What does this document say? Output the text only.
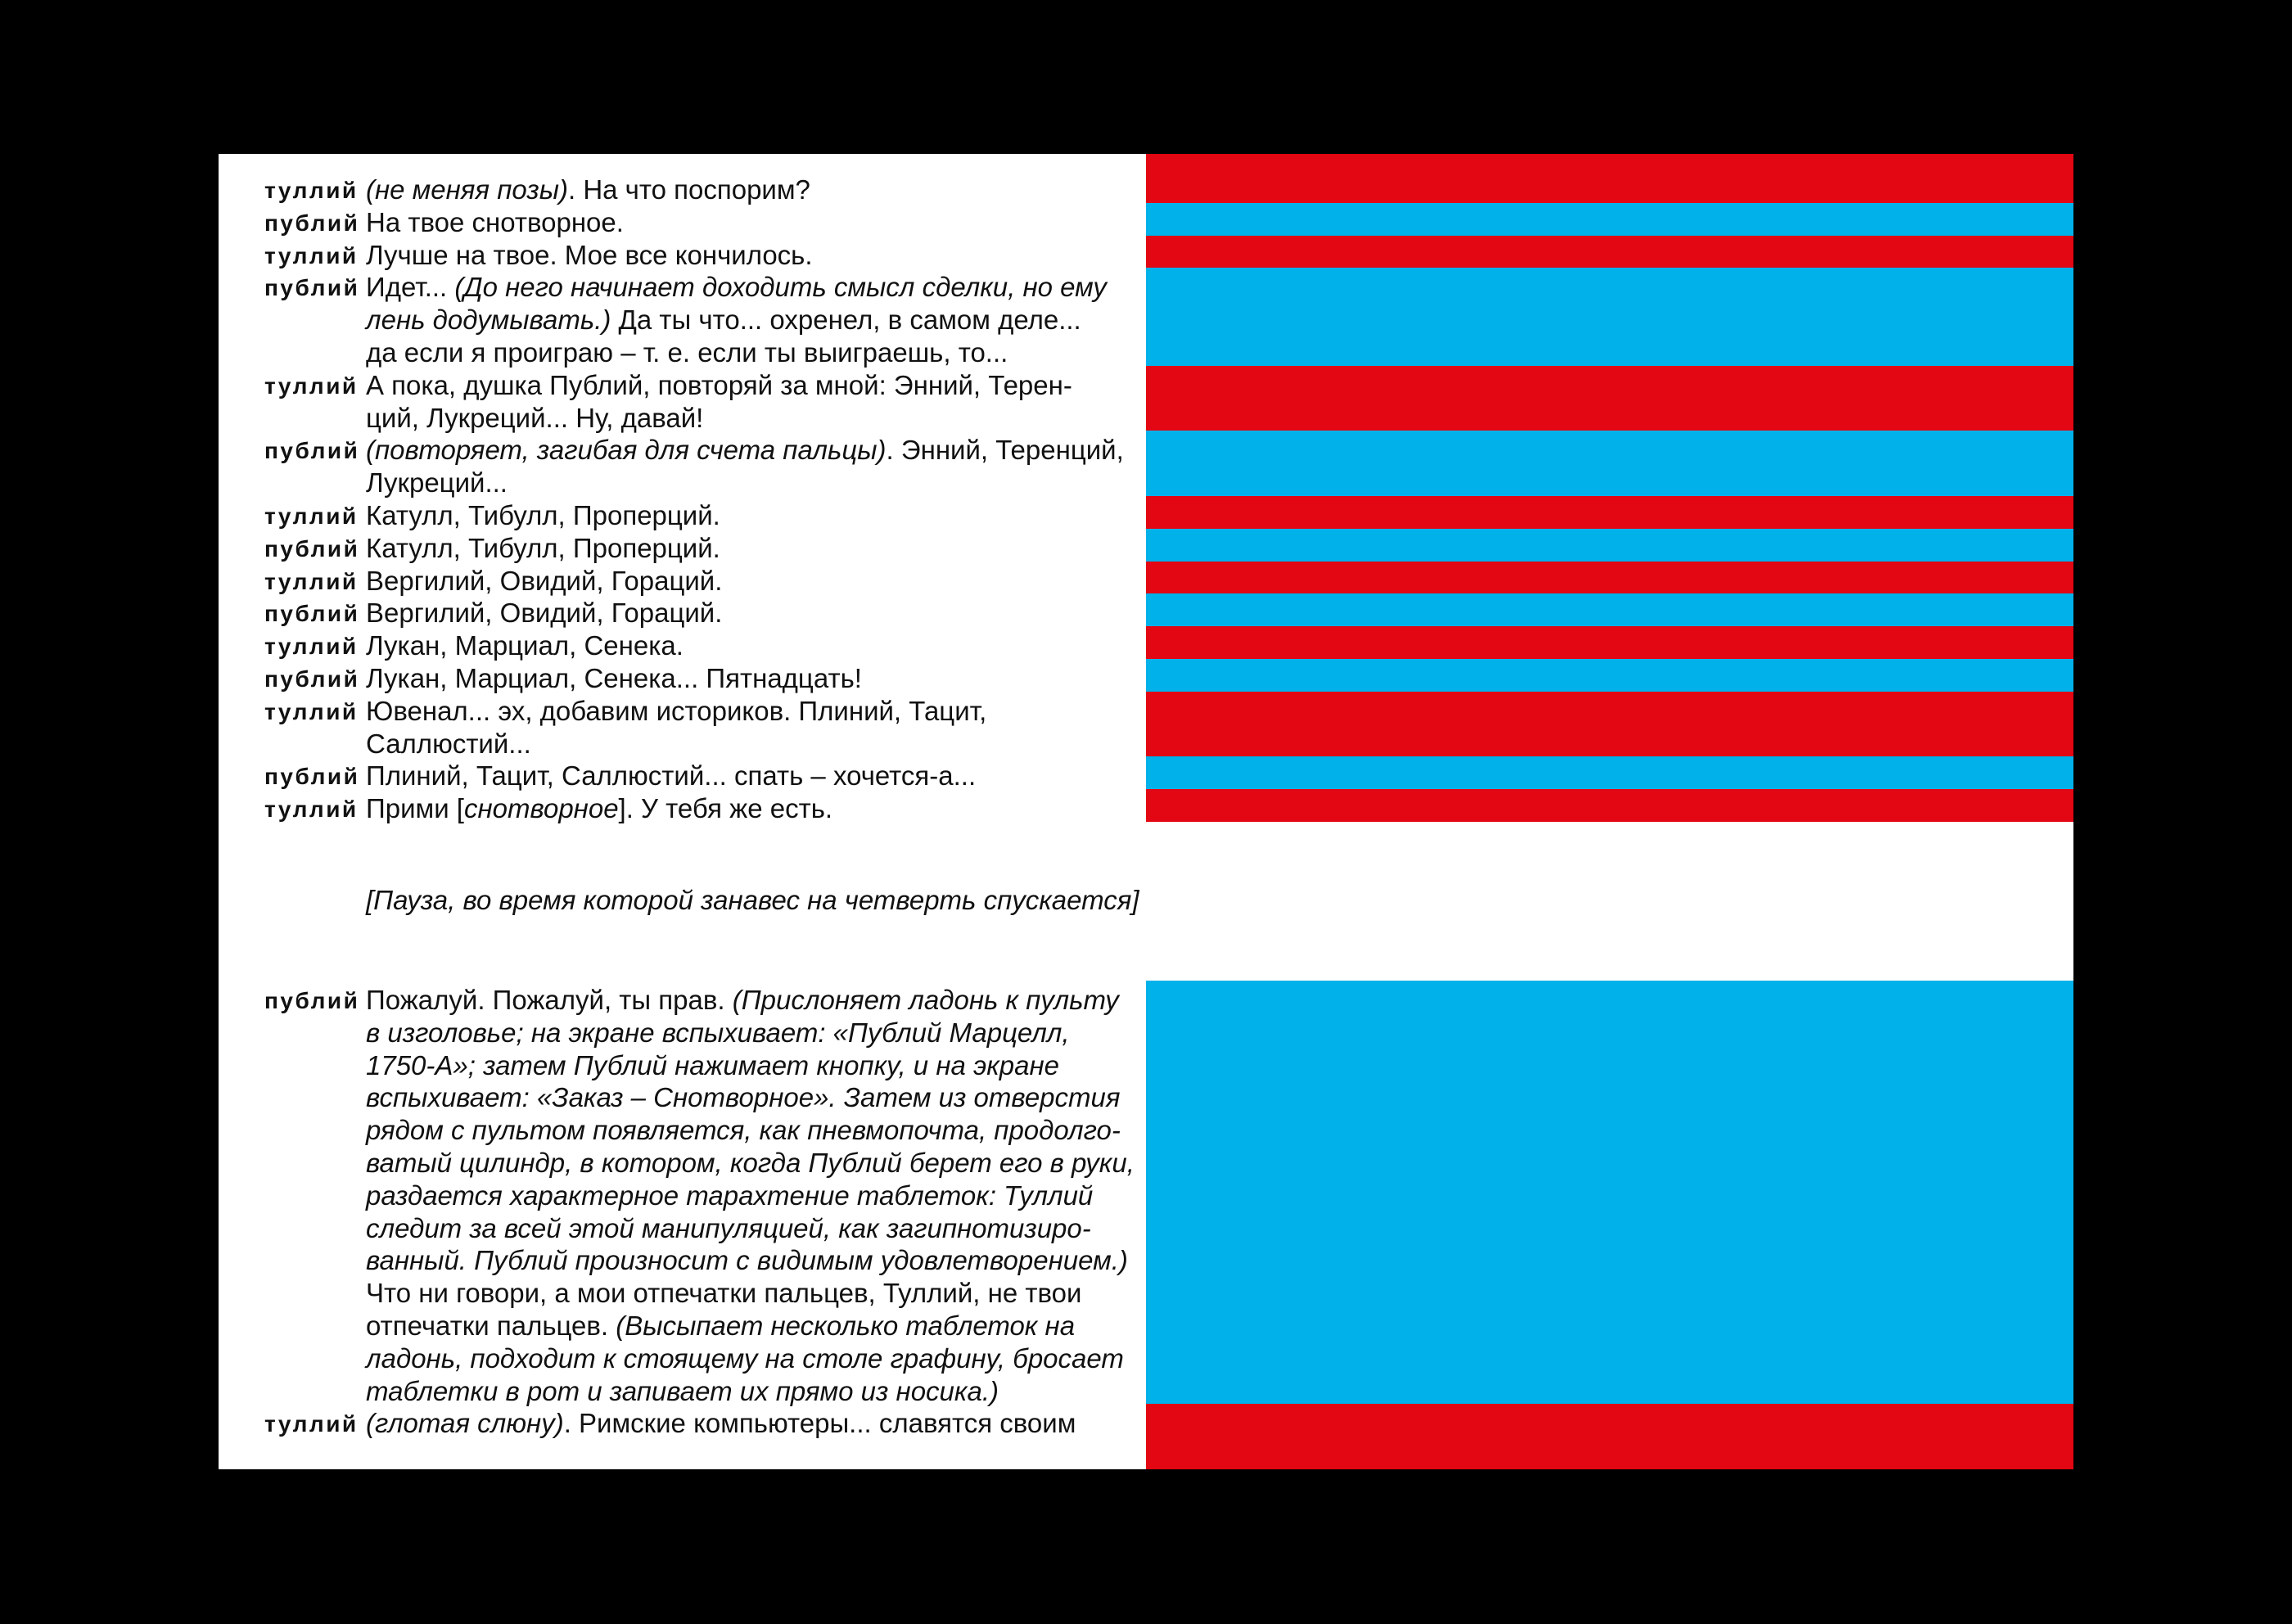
туллий (не меняя позы). На что поспорим?
публий На твое снотворное.
туллий Лучше на твое. Мое все кончилось.
публий Идет... (До него начинает доходить смысл сделки, но ему
лень додумывать.) Да ты что... охренел, в самом деле...
да если я проиграю – т. е. если ты выиграешь, то...
туллий А пока, душка Публий, повторяй за мной: Энний, Терен-
ций, Лукреций... Ну, давай!
публий (повторяет, загибая для счета пальцы). Энний, Теренций,
Лукреций...
туллий Катулл, Тибулл, Проперций.
публий Катулл, Тибулл, Проперций.
туллий Вергилий, Овидий, Гораций.
публий Вергилий, Овидий, Гораций.
туллий Лукан, Марциал, Сенека.
публий Лукан, Марциал, Сенека... Пятнадцать!
туллий Ювенал... эх, добавим историков. Плиний, Тацит,
Саллюстий...
публий Плиний, Тацит, Саллюстий... спать – хочется-а...
туллий Прими [снотворное]. У тебя же есть.
[Пауза, во время которой занавес на четверть спускается]
публий Пожалуй. Пожалуй, ты прав. (Прислоняет ладонь к пульту
в изголовье; на экране вспыхивает: «Публий Марцелл,
1750-А»; затем Публий нажимает кнопку, и на экране
вспыхивает: «Заказ – Снотворное». Затем из отверстия
рядом с пультом появляется, как пневмопочта, продолго-
ватый цилиндр, в котором, когда Публий берет его в руки,
раздается характерное тарахтение таблеток: Туллий
следит за всей этой манипуляцией, как загипнотизиро-
ванный. Публий произносит с видимым удовлетворением.)
Что ни говори, а мои отпечатки пальцев, Туллий, не твои
отпечатки пальцев. (Высыпает несколько таблеток на
ладонь, подходит к стоящему на столе графину, бросает
таблетки в рот и запивает их прямо из носика.)
туллий (глотая слюну). Римские компьютеры... славятся своим
